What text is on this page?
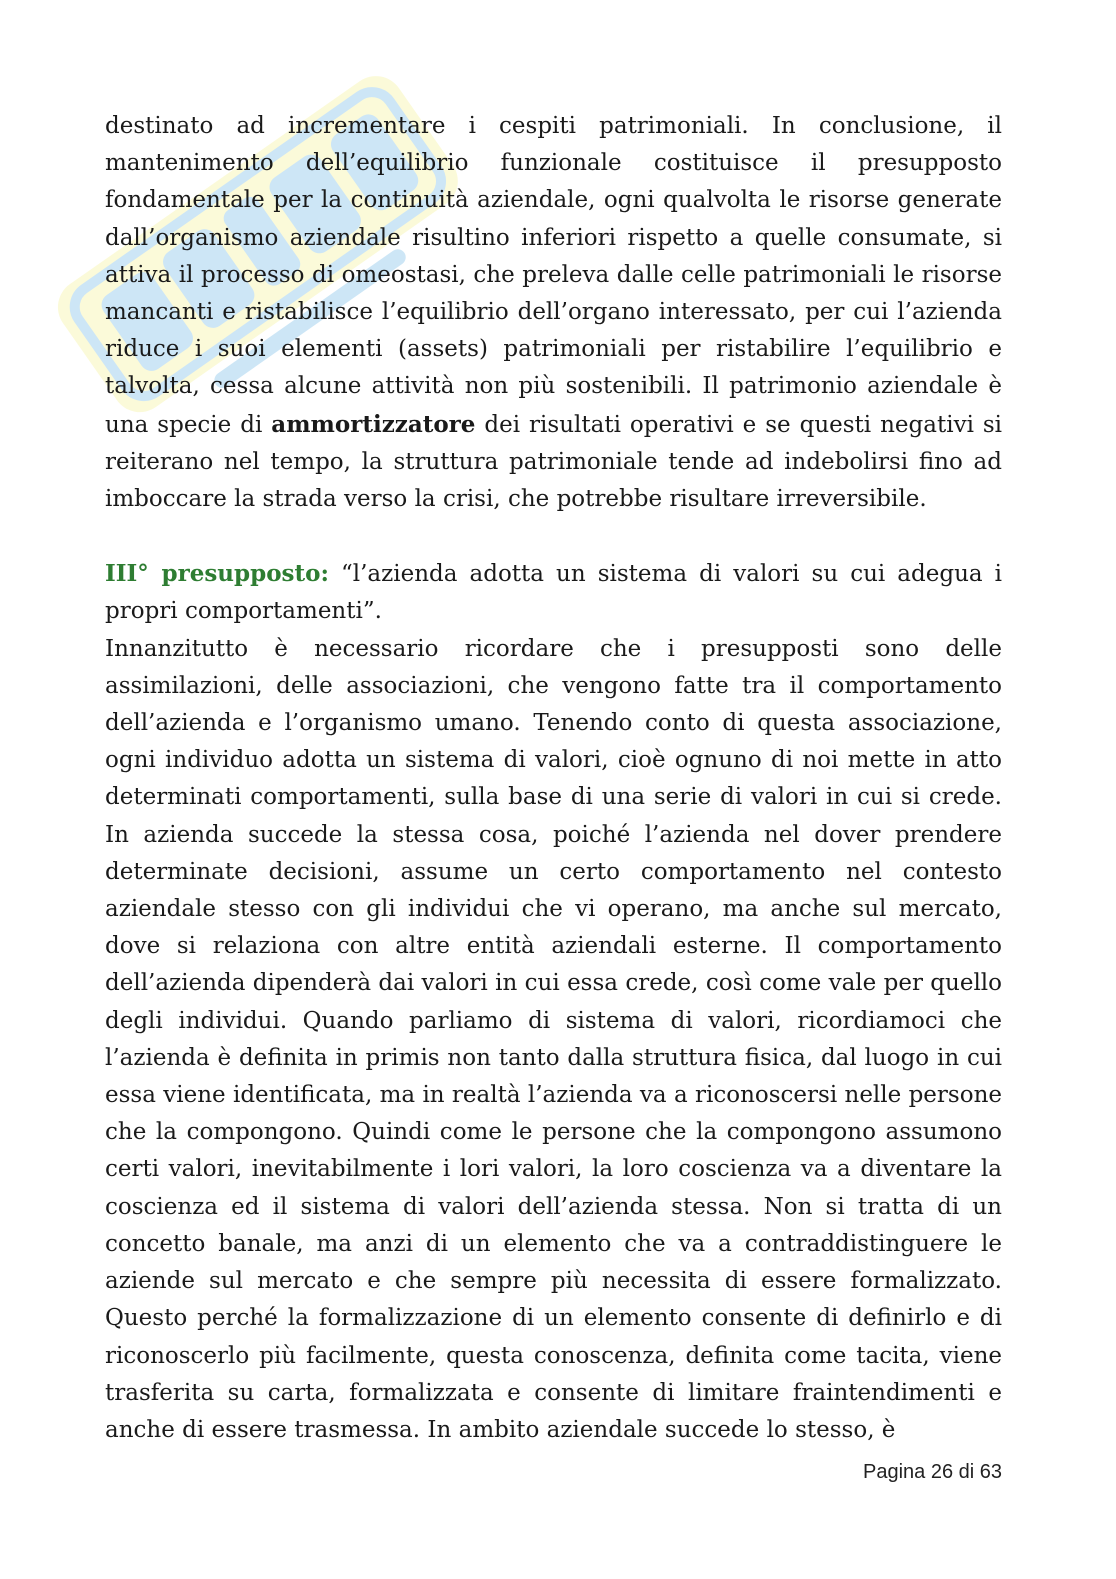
destinato ad incrementare i cespiti patrimoniali. In conclusione, il mantenimento dell’equilibrio funzionale costituisce il presupposto fondamentale per la continuità aziendale, ogni qualvolta le risorse generate dall’organismo aziendale risultino inferiori rispetto a quelle consumate, si attiva il processo di omeostasi, che preleva dalle celle patrimoniali le risorse mancanti e ristabilisce l’equilibrio dell’organo interessato, per cui l’azienda riduce i suoi elementi (assets) patrimoniali per ristabilire l’equilibrio e talvolta, cessa alcune attività non più sostenibili. Il patrimonio aziendale è una specie di ammortizzatore dei risultati operativi e se questi negativi si reiterano nel tempo, la struttura patrimoniale tende ad indebolirsi fino ad imboccare la strada verso la crisi, che potrebbe risultare irreversibile.

III° presupposto: “l’azienda adotta un sistema di valori su cui adegua i propri comportamenti”.

Innanzitutto è necessario ricordare che i presupposti sono delle assimilazioni, delle associazioni, che vengono fatte tra il comportamento dell’azienda e l’organismo umano. Tenendo conto di questa associazione, ogni individuo adotta un sistema di valori, cioè ognuno di noi mette in atto determinati comportamenti, sulla base di una serie di valori in cui si crede. In azienda succede la stessa cosa, poiché l’azienda nel dover prendere determinate decisioni, assume un certo comportamento nel contesto aziendale stesso con gli individui che vi operano, ma anche sul mercato, dove si relaziona con altre entità aziendali esterne. Il comportamento dell’azienda dipenderà dai valori in cui essa crede, così come vale per quello degli individui. Quando parliamo di sistema di valori, ricordiamoci che l’azienda è definita in primis non tanto dalla struttura fisica, dal luogo in cui essa viene identificata, ma in realtà l’azienda va a riconoscersi nelle persone che la compongono. Quindi come le persone che la compongono assumono certi valori, inevitabilmente i lori valori, la loro coscienza va a diventare la coscienza ed il sistema di valori dell’azienda stessa. Non si tratta di un concetto banale, ma anzi di un elemento che va a contraddistinguere le aziende sul mercato e che sempre più necessita di essere formalizzato. Questo perché la formalizzazione di un elemento consente di definirlo e di riconoscerlo più facilmente, questa conoscenza, definita come tacita, viene trasferita su carta, formalizzata e consente di limitare fraintendimenti e anche di essere trasmessa. In ambito aziendale succede lo stesso, è

Pagina 26 di 63
